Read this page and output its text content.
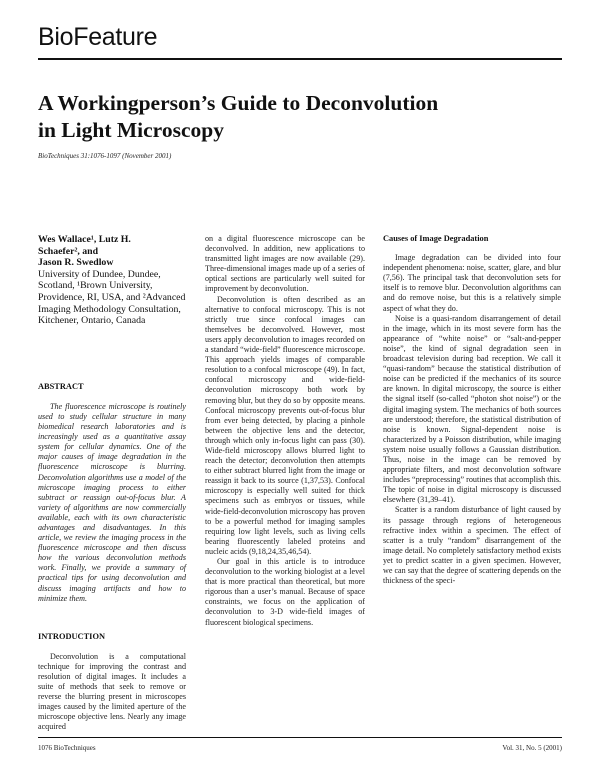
BioFeature
A Workingperson’s Guide to Deconvolution
in Light Microscopy
BioTechniques 31:1076-1097 (November 2001)
Wes Wallace¹, Lutz H.
Schaefer², and
Jason R. Swedlow
University of Dundee, Dundee, Scotland, ¹Brown University, Providence, RI, USA, and ²Advanced Imaging Methodology Consultation, Kitchener, Ontario, Canada
ABSTRACT

The fluorescence microscope is routinely used to study cellular structure in many biomedical research laboratories and is increasingly used as a quantitative assay system for cellular dynamics. One of the major causes of image degradation in the fluorescence microscope is blurring. Deconvolution algorithms use a model of the microscope imaging process to either subtract or reassign out-of-focus blur. A variety of algorithms are now commercially available, each with its own characteristic advantages and disadvantages. In this article, we review the imaging process in the fluorescence microscope and then discuss how the various deconvolution methods work. Finally, we provide a summary of practical tips for using deconvolution and discuss imaging artifacts and how to minimize them.

INTRODUCTION

Deconvolution is a computational technique for improving the contrast and resolution of digital images. It includes a suite of methods that seek to remove or reverse the blurring present in microscopes images caused by the limited aperture of the microscope objective lens. Nearly any image acquired

on a digital fluorescence microscope can be deconvolved. In addition, new applications to transmitted light images are now available (29). Three-dimensional images made up of a series of optical sections are particularly well suited for improvement by deconvolution.

Deconvolution is often described as an alternative to confocal microscopy. This is not strictly true since confocal images can themselves be deconvolved. However, most users apply deconvolution to images recorded on a standard “wide-field” fluorescence microscope. This approach yields images of comparable resolution to a confocal microscope (49). In fact, confocal microscopy and wide-field-deconvolution microscopy both work by removing blur, but they do so by opposite means. Confocal microscopy prevents out-of-focus blur from ever being detected, by placing a pinhole between the objective lens and the detector, through which only in-focus light can pass (30). Wide-field microscopy allows blurred light to reach the detector; deconvolution then attempts to either subtract blurred light from the image or reassign it back to its source (1,37,53). Confocal microscopy is especially well suited for thick specimens such as embryos or tissues, while wide-field-deconvolution microscopy has proven to be a powerful method for imaging samples requiring low light levels, such as living cells bearing fluorescently labeled proteins and nucleic acids (9,18,24,35,46,54).

Our goal in this article is to introduce deconvolution to the working biologist at a level that is more practical than theoretical, but more rigorous than a user’s manual. Because of space constraints, we focus on the application of deconvolution to 3-D wide-field images of fluorescent biological specimens.

Causes of Image Degradation

Image degradation can be divided into four independent phenomena: noise, scatter, glare, and blur (7,56). The principal task that deconvolution sets for itself is to remove blur. Deconvolution algorithms can and do remove noise, but this is a relatively simple aspect of what they do.

Noise is a quasi-random disarrangement of detail in the image, which in its most severe form has the appearance of “white noise” or “salt-and-pepper noise”, the kind of signal degradation seen in broadcast television during bad reception. We call it “quasi-random” because the statistical distribution of noise can be predicted if the mechanics of its source are known. In digital microscopy, the source is either the signal itself (so-called “photon shot noise”) or the digital imaging system. The mechanics of both sources are understood; therefore, the statistical distribution of noise is known. Signal-dependent noise is characterized by a Poisson distribution, while imaging system noise usually follows a Gaussian distribution. Thus, noise in the image can be removed by appropriate filters, and most deconvolution software includes “preprocessing” routines that accomplish this. The topic of noise in digital microscopy is discussed elsewhere (31,39–41).

Scatter is a random disturbance of light caused by its passage through regions of heterogeneous refractive index within a specimen. The effect of scatter is a truly “random” disarrangement of the image detail. No completely satisfactory method exists yet to predict scatter in a given specimen. However, we can say that the degree of scattering depends on the thickness of the speci-

1076 BioTechniques	Vol. 31, No. 5 (2001)
